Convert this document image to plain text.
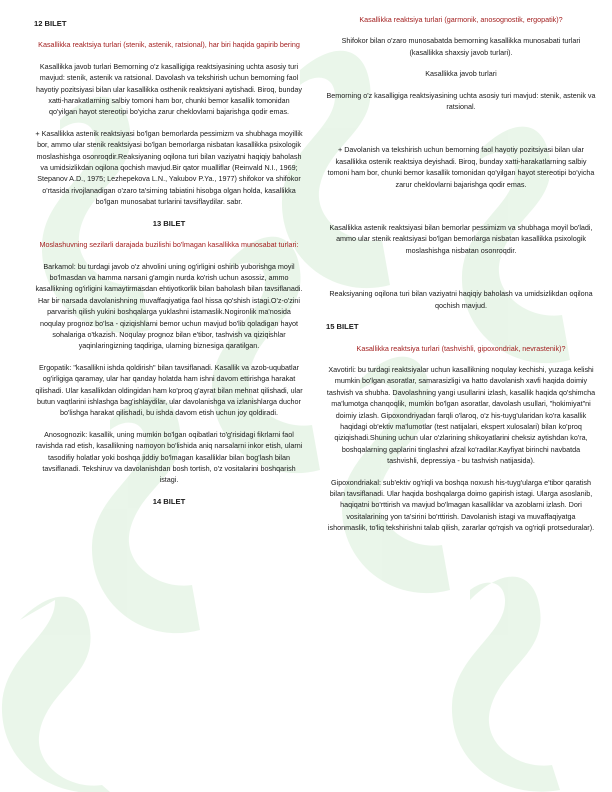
12 BILET

Kasallikka reaktsiya turlari (stenik, astenik, ratsional), har biri haqida gapirib bering

Kasallikka javob turlari Bemorning o'z kasalligiga reaktsiyasining uchta asosiy turi mavjud: stenik, astenik va ratsional. Davolash va tekshirish uchun bemorning faol hayotiy pozitsiyasi bilan ular kasallikka osthenik reaktsiyani aytishadi. Biroq, bunday xatti-harakatlarning salbiy tomoni ham bor, chunki bemor kasallik tomonidan qo'yilgan hayot stereotipi bo'yicha zarur cheklovlarni bajarishga qodir emas.

+ Kasallikka astenik reaktsiyasi bo'lgan bemorlarda pessimizm va shubhaga moyillik bor, ammo ular stenik reaktsiyasi bo'lgan bemorlarga nisbatan kasallikka psixologik moslashishga osonroqdir.Reaksiyaning oqilona turi bilan vaziyatni haqiqiy baholash va umidsizlikdan oqilona qochish mavjud.Bir qator mualliflar (Reinvald N.I., 1969; Stepanov A.D., 1975; Lezhepekova L.N., Yakubov P.Ya., 1977) shifokor va shifokor o'rtasida rivojlanadigan o'zaro ta'sirning tabiatini hisobga olgan holda, kasallikka bo'lgan munosabat turlarini tavsiflaydilar. sabr.

13 BILET

Moslashuvning sezilarli darajada buzilishi bo'lmagan kasallikka munosabat turlari:

Barkamol: bu turdagi javob o'z ahvolini uning og'irligini oshirib yuborishga moyil bo'lmasdan va hamma narsani g'amgin nurda ko'rish uchun asossiz, ammo kasallikning og'irligini kamaytirmasdan ehtiyotkorlik bilan baholash bilan tavsiflanadi. Har bir narsada davolanishning muvaffaqiyatiga faol hissa qo'shish istagi.O'z-o'zini parvarish qilish yukini boshqalarga yuklashni istamaslik.Nogironlik ma'nosida noqulay prognoz bo'lsa - qiziqishlarni bemor uchun mavjud bo'lib qoladigan hayot sohalariga o'tkazish. Noqulay prognoz bilan e'tibor, tashvish va qiziqishlar yaqinlaringizning taqdiriga, ularning biznesiga qaratilgan.

Ergopatik: "kasallikni ishda qoldirish" bilan tavsiflanadi. Kasallik va azob-uqubatlar og'irligiga qaramay, ular har qanday holatda ham ishni davom ettirishga harakat qilishadi. Ular kasallikdan oldingidan ham ko'proq g'ayrat bilan mehnat qilishadi, ular butun vaqtlarini ishlashga bag'ishlaydilar, ular davolanishga va izlanishlarga duchor bo'lishga harakat qilishadi, bu ishda davom etish uchun joy qoldiradi.

Anosognozik: kasallik, uning mumkin bo'lgan oqibatlari to'g'risidagi fikrlarni faol ravishda rad etish, kasallikning namoyon bo'lishida aniq narsalarni inkor etish, ularni tasodifiy holatlar yoki boshqa jiddiy bo'lmagan kasalliklar bilan bog'lash bilan tavsiflanadi. Tekshiruv va davolanishdan bosh tortish, o'z vositalarini boshqarish istagi.

14 BILET

Kasallikka reaktsiya turlari (garmonik, anosognostik, ergopatik)?

Shifokor bilan o'zaro munosabatda bemorning kasallikka munosabati turlari (kasallikka shaxsiy javob turlari).

Kasallikka javob turlari

Bemorning o'z kasalligiga reaktsiyasining uchta asosiy turi mavjud: stenik, astenik va ratsional.

+ Davolanish va tekshirish uchun bemorning faol hayotiy pozitsiyasi bilan ular kasallikka ostenik reaktsiya deyishadi. Biroq, bunday xatti-harakatlarning salbiy tomoni ham bor, chunki bemor kasallik tomonidan qo'yilgan hayot stereotipi bo'yicha zarur cheklovlarni bajarishga qodir emas.

Kasallikka astenik reaktsiyasi bilan bemorlar pessimizm va shubhaga moyil bo'ladi, ammo ular stenik reaktsiyasi bo'lgan bemorlarga nisbatan kasallikka psixologik moslashishga nisbatan osonroqdir.

Reaksiyaning oqilona turi bilan vaziyatni haqiqiy baholash va umidsizlikdan oqilona qochish mavjud.

15 BILET

Kasallikka reaktsiya turlari (tashvishli, gipoxondriak, nevrastenik)?

Xavotirli: bu turdagi reaktsiyalar uchun kasallikning noqulay kechishi, yuzaga kelishi mumkin bo'lgan asoratlar, samarasizligi va hatto davolanish xavfi haqida doimiy tashvish va shubha. Davolashning yangi usullarini izlash, kasallik haqida qo'shimcha ma'lumotga chanqoqlik, mumkin bo'lgan asoratlar, davolash usullari, "hokimiyat"ni doimiy izlash. Gipoxondriyadan farqli o'laroq, o'z his-tuyg'ularidan ko'ra kasallik haqidagi ob'ektiv ma'lumotlar (test natijalari, ekspert xulosalari) bilan ko'proq qiziqishadi.Shuning uchun ular o'zlarining shikoyatlarini cheksiz aytishdan ko'ra, boshqalarning gaplarini tinglashni afzal ko'radilar.Kayfiyat birinchi navbatda tashvishli, depressiya - bu tashvish natijasida).

Gipoxondriakal: sub'ektiv og'riqli va boshqa noxush his-tuyg'ularga e'tibor qaratish bilan tavsiflanadi. Ular haqida boshqalarga doimo gapirish istagi. Ularga asoslanib, haqiqatni bo'rttirish va mavjud bo'lmagan kasalliklar va azoblarni izlash. Dori vositalarining yon ta'sirini bo'rttirish. Davolanish istagi va muvaffaqiyatga ishonmaslik, to'liq tekshirishni talab qilish, zararlar qo'rqish va og'riqli protseduralar).
